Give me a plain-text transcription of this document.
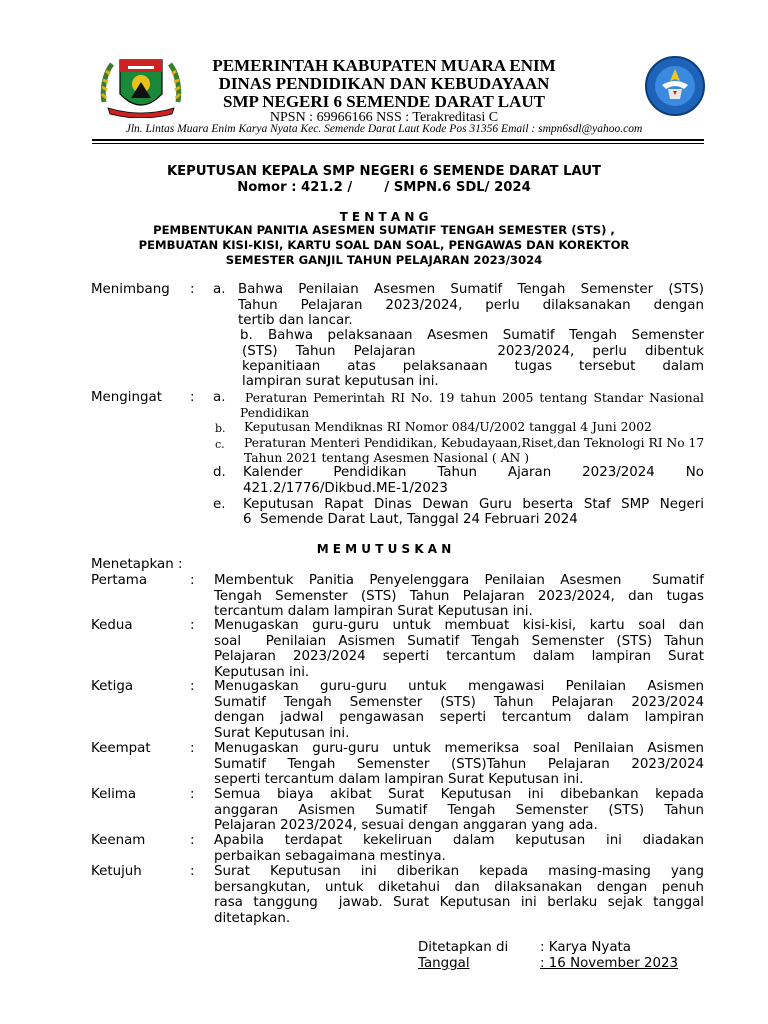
PEMERINTAH KABUPATEN MUARA ENIM
DINAS PENDIDIKAN DAN KEBUDAYAAN
SMP NEGERI 6 SEMENDE DARAT LAUT
NPSN : 69966166 NSS : Terakreditasi C
Jln. Lintas Muara Enim Karya Nyata Kec. Semende Darat Laut Kode Pos 31356 Email : smpn6sdl@yahoo.com
KEPUTUSAN KEPALA SMP NEGERI 6 SEMENDE DARAT LAUT
Nomor : 421.2 /       / SMPN.6 SDL/ 2024
T E N T A N G
PEMBENTUKAN PANITIA ASESMEN SUMATIF TENGAH SEMESTER (STS) ,
PEMBUATAN KISI-KISI, KARTU SOAL DAN SOAL, PENGAWAS DAN KOREKTOR
SEMESTER GANJIL TAHUN PELAJARAN 2023/3024
Menimbang : a. Bahwa Penilaian Asesmen Sumatif Tengah Semenster (STS)
Tahun Pelajaran 2023/2024, perlu dilaksanakan dengan
tertib dan lancar.
b. Bahwa pelaksanaan Asesmen Sumatif Tengah Semenster
(STS)  Tahun  Pelajaran         2023/2024,  perlu  dibentuk
kepanitiaan   atas   pelaksanaan   tugas   tersebut   dalam
lampiran surat keputusan ini.
Mengingat : a. Peraturan Pemerintah RI No. 19 tahun 2005 tentang Standar Nasional
Pendidikan
b. Keputusan Mendiknas RI Nomor 084/U/2002 tanggal 4 Juni 2002
c. Peraturan Menteri Pendidikan, Kebudayaan,Riset,dan Teknologi RI No 17
Tahun 2021 tentang Asesmen Nasional ( AN )
d. Kalender    Pendidikan    Tahun    Ajaran    2023/2024    No
421.2/1776/Dikbud.ME-1/2023
e. Keputusan Rapat Dinas Dewan Guru beserta Staf SMP Negeri
6  Semende Darat Laut, Tanggal 24 Februari 2024
M E M U T U S K A N
Menetapkan :
Pertama	: Membentuk Panitia Penyelenggara Penilaian Asesmen  Sumatif
Tengah Semenster (STS) Tahun Pelajaran 2023/2024, dan tugas
tercantum dalam lampiran Surat Keputusan ini.
Kedua	: Menugaskan guru-guru untuk membuat kisi-kisi, kartu soal dan
soal  Penilaian Asismen Sumatif Tengah Semenster (STS) Tahun
Pelajaran  2023/2024  seperti  tercantum  dalam  lampiran  Surat
Keputusan ini.
Ketiga	: Menugaskan  guru-guru  untuk  mengawasi  Penilaian  Asismen
Sumatif  Tengah  Semenster  (STS)  Tahun  Pelajaran  2023/2024
dengan jadwal pengawasan seperti tercantum dalam lampiran
Surat Keputusan ini.
Keempat	: Menugaskan guru-guru untuk memeriksa soal Penilaian Asismen
Sumatif  Tengah  Semenster  (STS)Tahun  Pelajaran  2023/2024
seperti tercantum dalam lampiran Surat Keputusan ini.
Kelima	: Semua  biaya  akibat  Surat  Keputusan  ini  dibebankan  kepada
anggaran  Asismen  Sumatif  Tengah  Semenster  (STS)  Tahun
Pelajaran 2023/2024, sesuai dengan anggaran yang ada.
Keenam	: Apabila   terdapat   kekeliruan   dalam   keputusan   ini   diadakan
perbaikan sebagaimana mestinya.
Ketujuh	: Surat  Keputusan  ini  diberikan  kepada  masing-masing  yang
bersangkutan, untuk diketahui dan dilaksanakan dengan penuh
rasa tanggung  jawab. Surat Keputusan ini berlaku sejak tanggal
ditetapkan.
Ditetapkan di : Karya Nyata
Tanggal	: 16 November 2023
